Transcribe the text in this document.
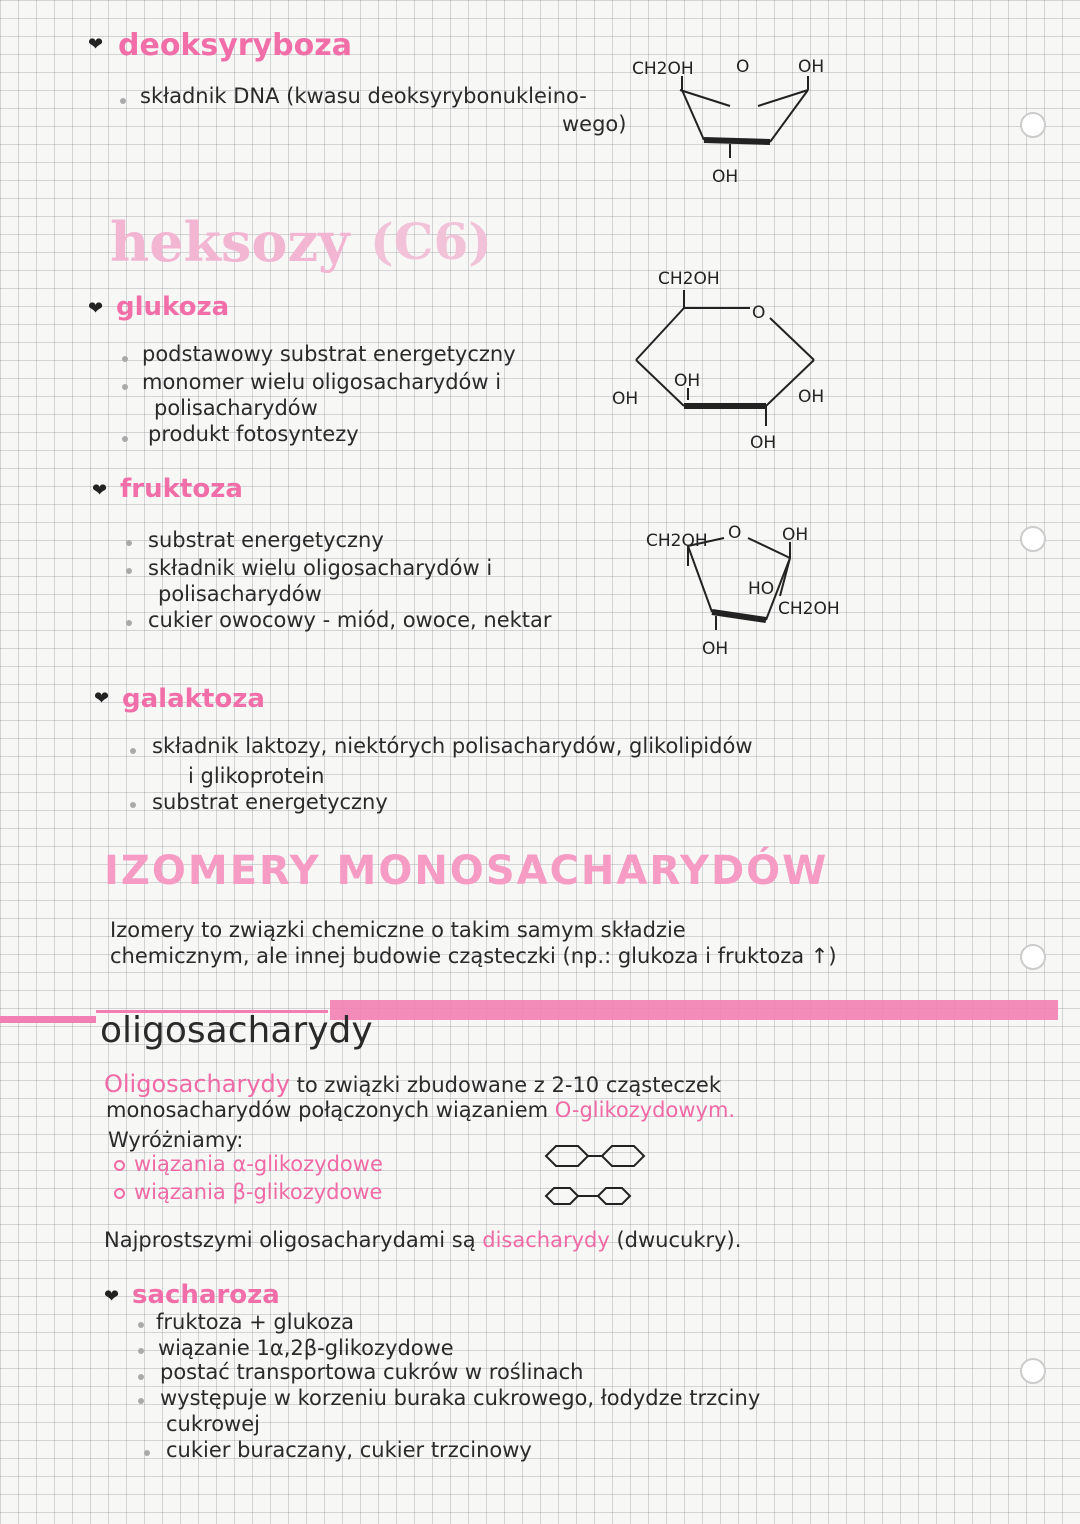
❤ deoksyryboza
składnik DNA (kwasu deoksyrybonukleino-
wego)
CH2OH O	OH
OH
heksozy (C6)
❤ glukoza
podstawowy substrat energetyczny
monomer wielu oligosacharydów i
polisacharydów
produkt fotosyntezy
CH2OH
O
OH
OH
OH
OH
❤ fruktoza
substrat energetyczny
składnik wielu oligosacharydów i
polisacharydów
cukier owocowy - miód, owoce, nektar
CH2OH O OH
HO
CH2OH
OH
❤ galaktoza
składnik laktozy, niektórych polisacharydów, glikolipidów
i glikoprotein
substrat energetyczny
IZOMERY MONOSACHARYDÓW
Izomery to związki chemiczne o takim samym składzie
chemicznym, ale innej budowie cząsteczki (np.: glukoza i fruktoza ↑)
oligosacharydy
Oligosacharydy to związki zbudowane z 2-10 cząsteczek
monosacharydów połączonych wiązaniem O-glikozydowym.
Wyróżniamy:
wiązania α-glikozydowe
wiązania β-glikozydowe
Najprostszymi oligosacharydami są disacharydy (dwucukry).
❤ sacharoza
fruktoza + glukoza
wiązanie 1α,2β-glikozydowe
postać transportowa cukrów w roślinach
występuje w korzeniu buraka cukrowego, łodydze trzciny
cukrowej
cukier buraczany, cukier trzcinowy
